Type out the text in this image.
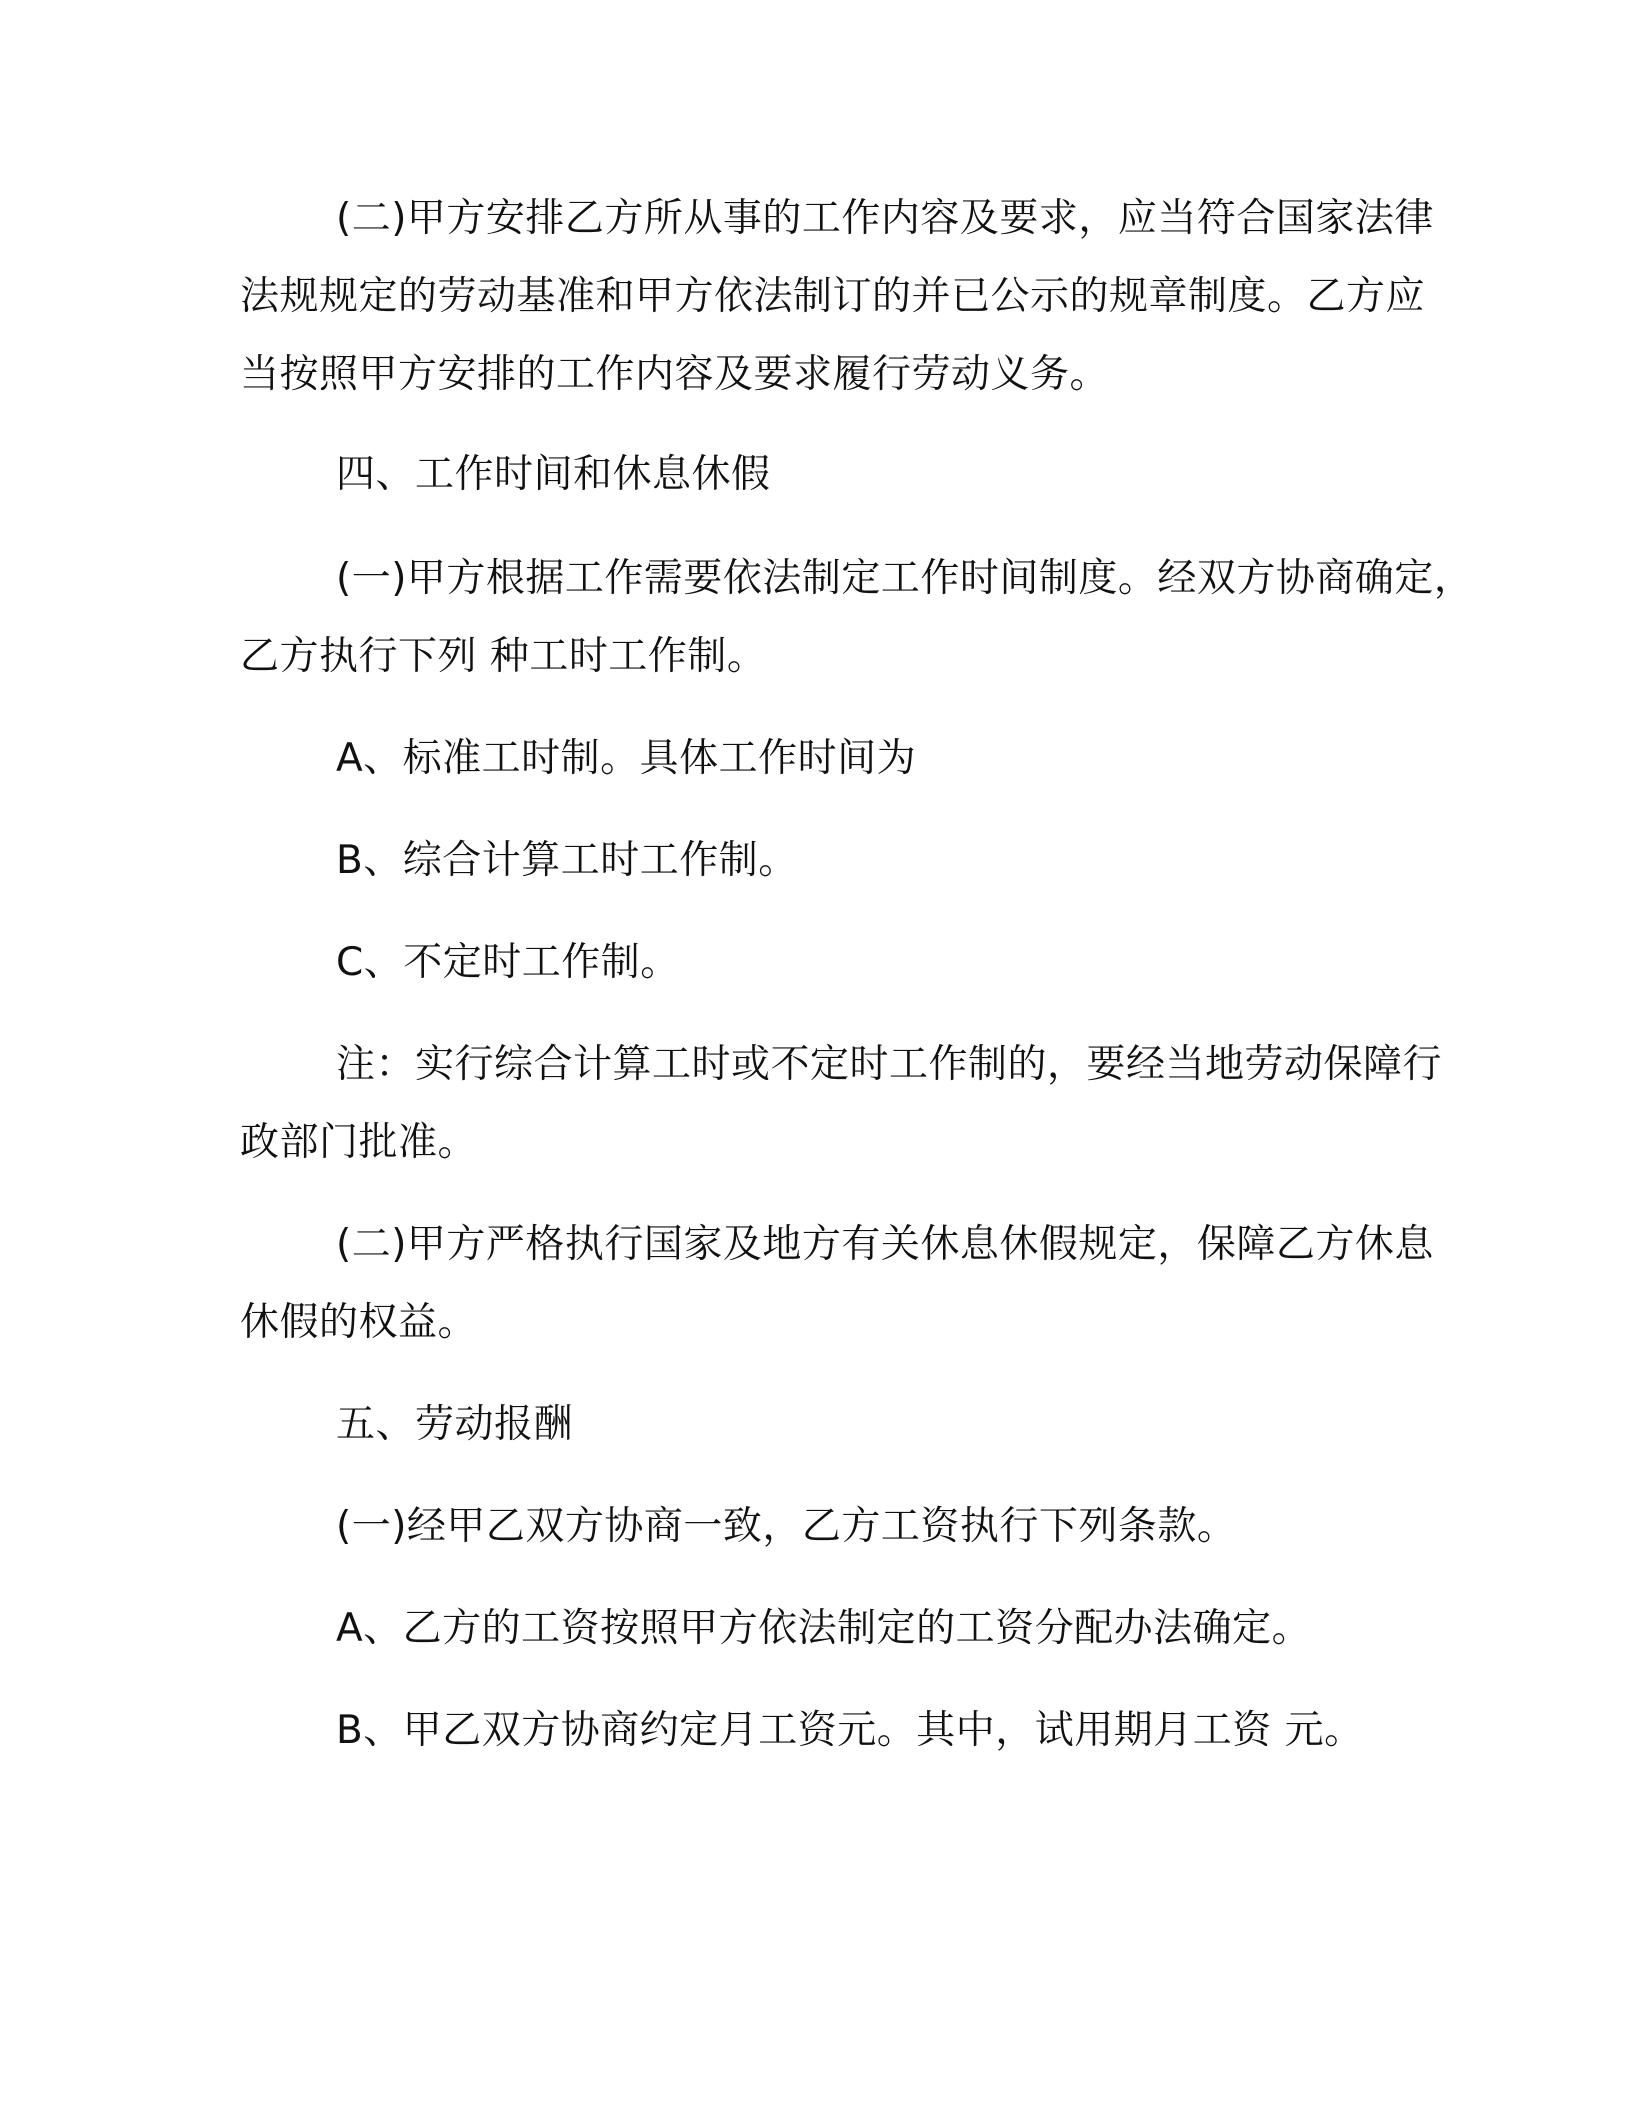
(二)甲方安排乙方所从事的工作内容及要求，应当符合国家法律
法规规定的劳动基准和甲方依法制订的并已公示的规章制度。乙方应
当按照甲方安排的工作内容及要求履行劳动义务。
四、工作时间和休息休假
(一)甲方根据工作需要依法制定工作时间制度。经双方协商确定，
乙方执行下列 种工时工作制。
A、标准工时制。具体工作时间为
B、综合计算工时工作制。
C、不定时工作制。
注：实行综合计算工时或不定时工作制的，要经当地劳动保障行
政部门批准。
(二)甲方严格执行国家及地方有关休息休假规定，保障乙方休息
休假的权益。
五、劳动报酬
(一)经甲乙双方协商一致，乙方工资执行下列条款。
A、乙方的工资按照甲方依法制定的工资分配办法确定。
B、甲乙双方协商约定月工资元。其中，试用期月工资 元。
